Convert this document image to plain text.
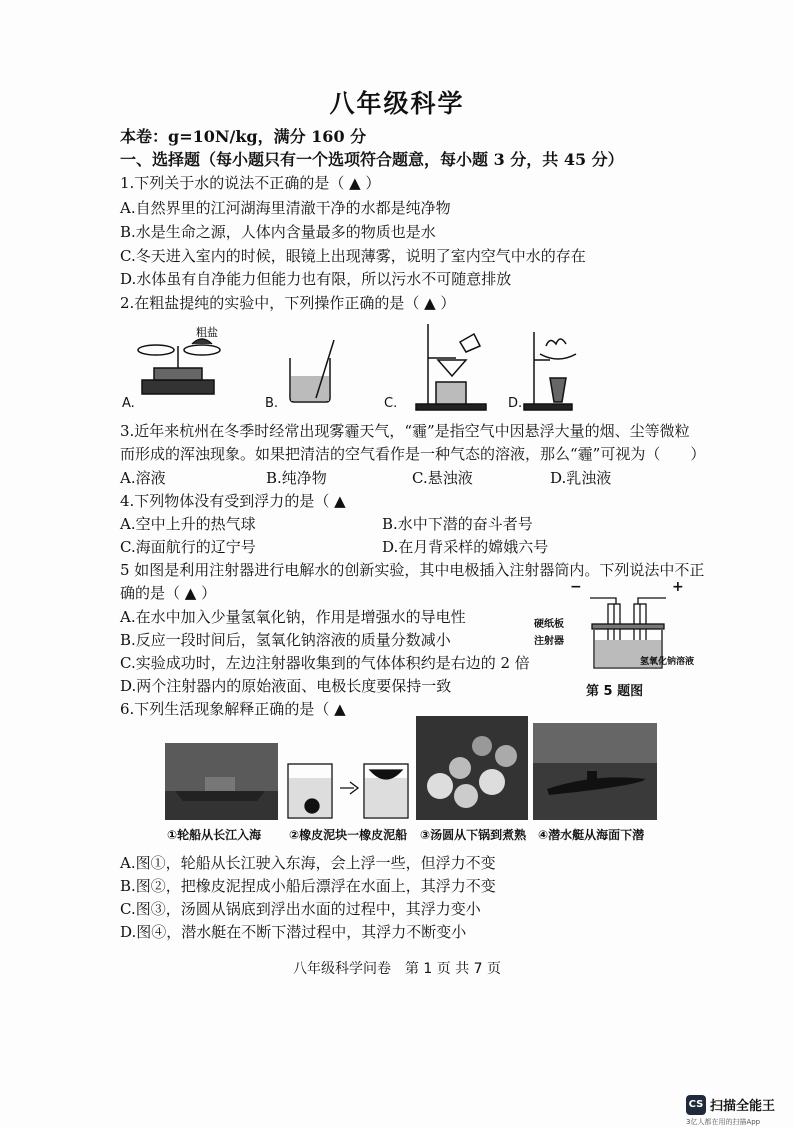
八年级科学
本卷：g=10N/kg，满分 160 分
一、选择题（每小题只有一个选项符合题意，每小题 3 分，共 45 分）
1.下列关于水的说法不正确的是（ ▲ ）
A.自然界里的江河湖海里清澈干净的水都是纯净物
B.水是生命之源，人体内含量最多的物质也是水
C.冬天进入室内的时候，眼镜上出现薄雾，说明了室内空气中水的存在
D.水体虽有自净能力但能力也有限，所以污水不可随意排放
2.在粗盐提纯的实验中，下列操作正确的是（ ▲ ）
粗盐
A.	B.	C.	D.
3.近年来杭州在冬季时经常出现雾霾天气，“霾”是指空气中因悬浮大量的烟、尘等微粒
而形成的浑浊现象。如果把清洁的空气看作是一种气态的溶液，那么“霾”可视为（　　）
A.溶液	B.纯净物	C.悬浊液	D.乳浊液
4.下列物体没有受到浮力的是（ ▲
A.空中上升的热气球	B.水中下潜的奋斗者号
C.海面航行的辽宁号	D.在月背采样的嫦娥六号
5 如图是利用注射器进行电解水的创新实验，其中电极插入注射器筒内。下列说法中不正
确的是（ ▲ ）
A.在水中加入少量氢氧化钠，作用是增强水的导电性
B.反应一段时间后，氢氧化钠溶液的质量分数减小
C.实验成功时，左边注射器收集到的气体体积约是右边的 2 倍
D.两个注射器内的原始液面、电极长度要保持一致
−	+
硬纸板
注射器
氢氧化钠溶液
第 5 题图
6.下列生活现象解释正确的是（ ▲
①轮船从长江入海 ②橡皮泥块一橡皮泥船 ③汤圆从下锅到煮熟 ④潜水艇从海面下潜
A.图①，轮船从长江驶入东海，会上浮一些，但浮力不变
B.图②，把橡皮泥捏成小船后漂浮在水面上，其浮力不变
C.图③，汤圆从锅底到浮出水面的过程中，其浮力变小
D.图④，潜水艇在不断下潜过程中，其浮力不断变小
八年级科学问卷　第 1 页 共 7 页
CS 扫描全能王
3亿人都在用的扫描App
